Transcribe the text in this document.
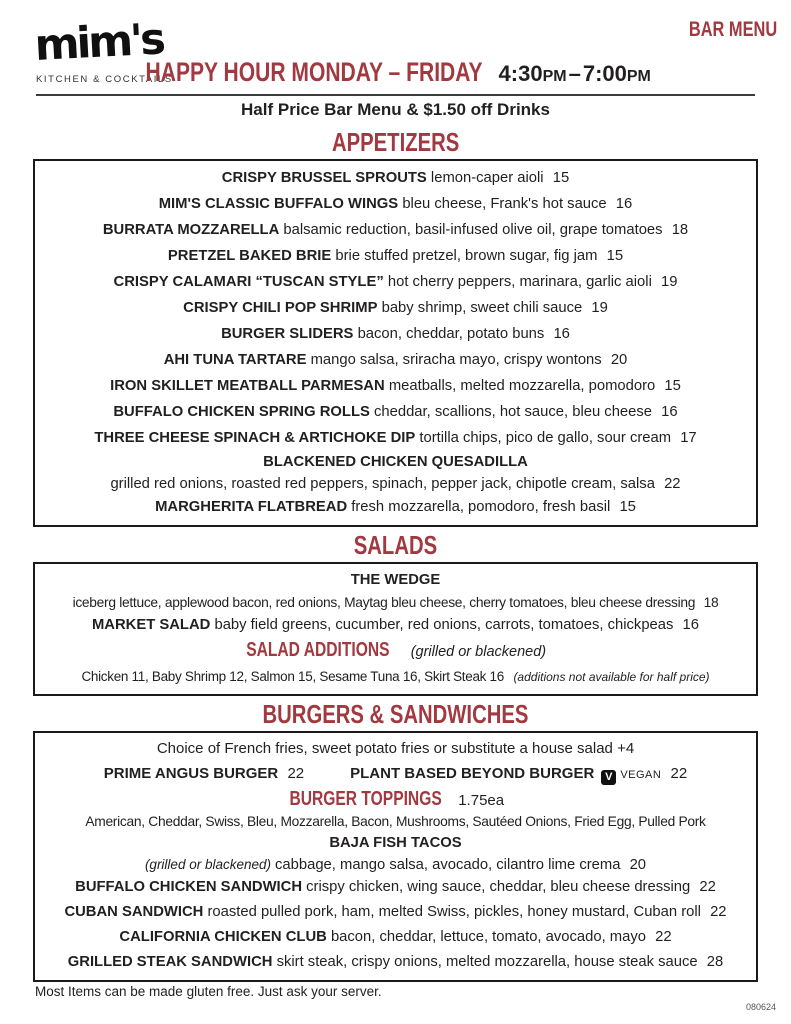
BAR MENU
mim's
KITCHEN & COCKTAILS
HAPPY HOUR MONDAY – FRIDAY 4:30PM–7:00PM
Half Price Bar Menu & $1.50 off Drinks
APPETIZERS
CRISPY BRUSSEL SPROUTS lemon-caper aioli 15
MIM'S CLASSIC BUFFALO WINGS bleu cheese, Frank's hot sauce 16
BURRATA MOZZARELLA balsamic reduction, basil-infused olive oil, grape tomatoes 18
PRETZEL BAKED BRIE brie stuffed pretzel, brown sugar, fig jam 15
CRISPY CALAMARI “TUSCAN STYLE” hot cherry peppers, marinara, garlic aioli 19
CRISPY CHILI POP SHRIMP baby shrimp, sweet chili sauce 19
BURGER SLIDERS bacon, cheddar, potato buns 16
AHI TUNA TARTARE mango salsa, sriracha mayo, crispy wontons 20
IRON SKILLET MEATBALL PARMESAN meatballs, melted mozzarella, pomodoro 15
BUFFALO CHICKEN SPRING ROLLS cheddar, scallions, hot sauce, bleu cheese 16
THREE CHEESE SPINACH & ARTICHOKE DIP tortilla chips, pico de gallo, sour cream 17
BLACKENED CHICKEN QUESADILLA
grilled red onions, roasted red peppers, spinach, pepper jack, chipotle cream, salsa 22
MARGHERITA FLATBREAD fresh mozzarella, pomodoro, fresh basil 15
SALADS
THE WEDGE
iceberg lettuce, applewood bacon, red onions, Maytag bleu cheese, cherry tomatoes, bleu cheese dressing 18
MARKET SALAD baby field greens, cucumber, red onions, carrots, tomatoes, chickpeas 16
SALAD ADDITIONS (grilled or blackened)
Chicken 11, Baby Shrimp 12, Salmon 15, Sesame Tuna 16, Skirt Steak 16 (additions not available for half price)
BURGERS & SANDWICHES
Choice of French fries, sweet potato fries or substitute a house salad +4
PRIME ANGUS BURGER 22	PLANT BASED BEYOND BURGER V VEGAN 22
BURGER TOPPINGS 1.75ea
American, Cheddar, Swiss, Bleu, Mozzarella, Bacon, Mushrooms, Sautéed Onions, Fried Egg, Pulled Pork
BAJA FISH TACOS
(grilled or blackened) cabbage, mango salsa, avocado, cilantro lime crema 20
BUFFALO CHICKEN SANDWICH crispy chicken, wing sauce, cheddar, bleu cheese dressing 22
CUBAN SANDWICH roasted pulled pork, ham, melted Swiss, pickles, honey mustard, Cuban roll 22
CALIFORNIA CHICKEN CLUB bacon, cheddar, lettuce, tomato, avocado, mayo 22
GRILLED STEAK SANDWICH skirt steak, crispy onions, melted mozzarella, house steak sauce 28
Most Items can be made gluten free. Just ask your server.
080624
